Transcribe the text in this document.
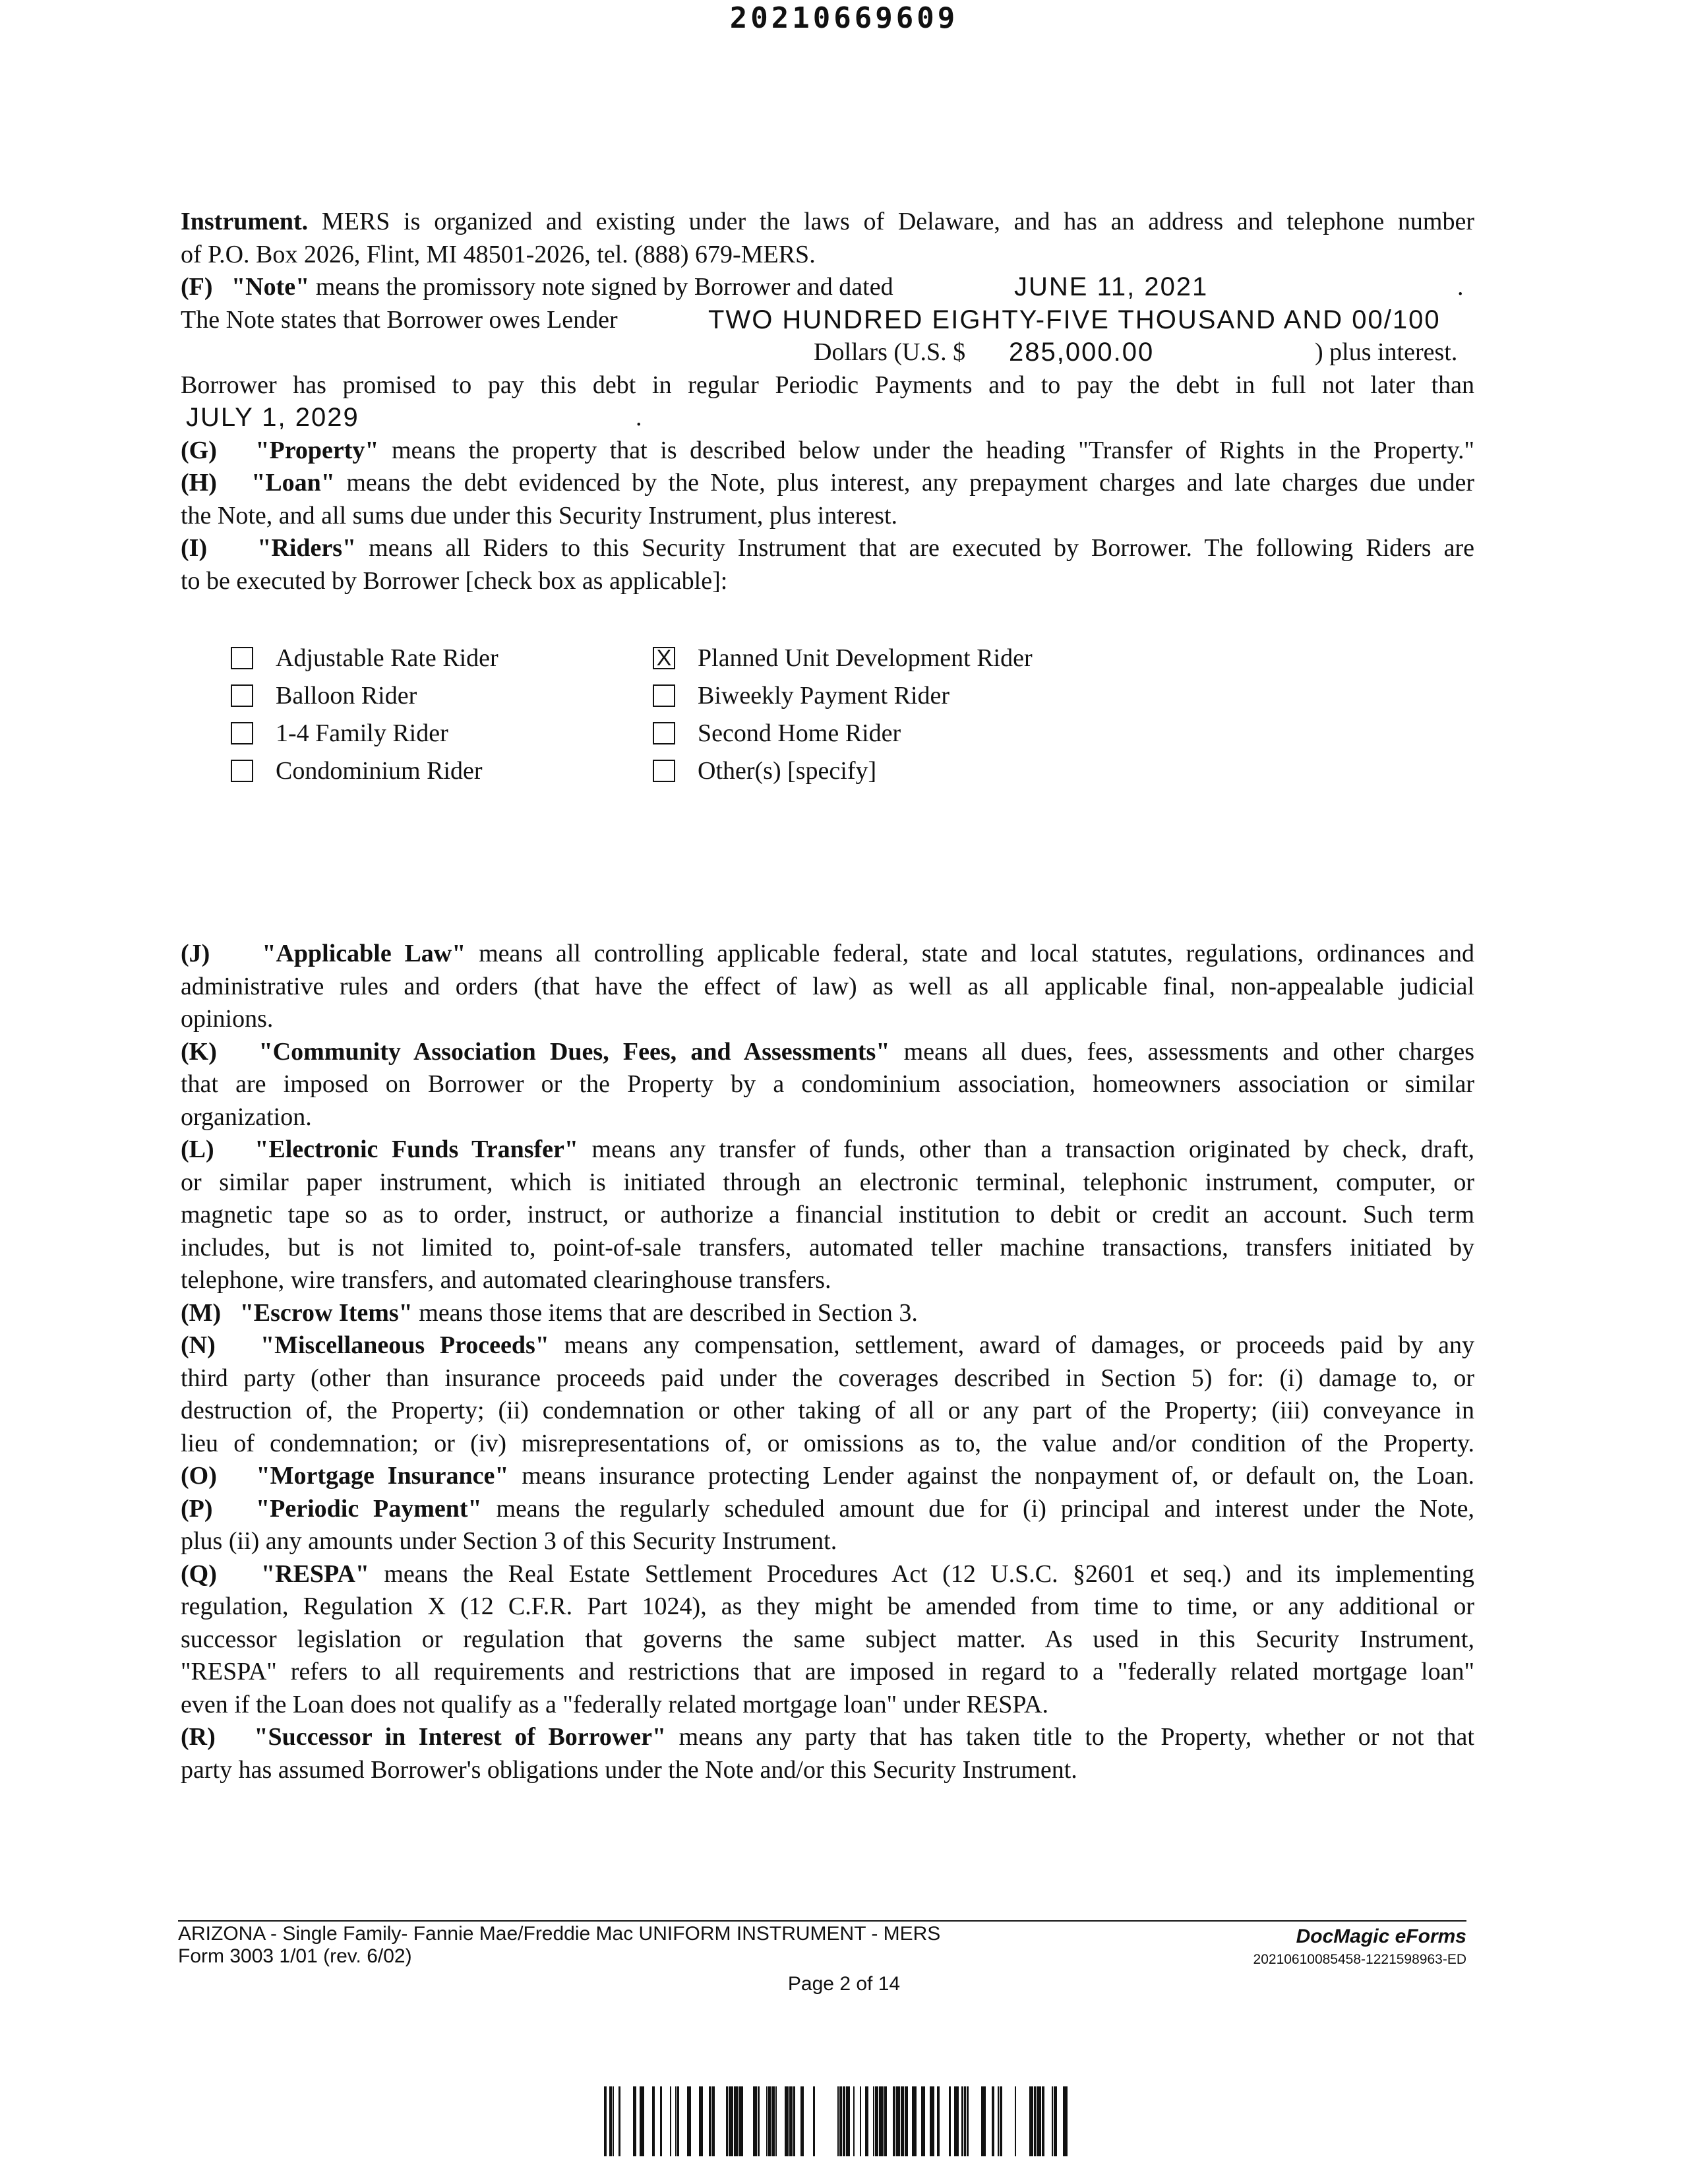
20210669609
Instrument. MERS is organized and existing under the laws of Delaware, and has an address and telephone number
of P.O. Box 2026, Flint, MI 48501-2026, tel. (888) 679-MERS.
(F) "Note" means the promissory note signed by Borrower and dated	JUNE 11, 2021	.
The Note states that Borrower owes Lender	TWO HUNDRED EIGHTY-FIVE THOUSAND AND 00/100
Dollars (U.S. $ 285,000.00	) plus interest.
Borrower has promised to pay this debt in regular Periodic Payments and to pay the debt in full not later than
JULY 1, 2029	.
(G) "Property" means the property that is described below under the heading "Transfer of Rights in the Property."
(H) "Loan" means the debt evidenced by the Note, plus interest, any prepayment charges and late charges due under
the Note, and all sums due under this Security Instrument, plus interest.
(I) "Riders" means all Riders to this Security Instrument that are executed by Borrower. The following Riders are
to be executed by Borrower [check box as applicable]:
Adjustable Rate Rider
Balloon Rider
1-4 Family Rider
Condominium Rider
X Planned Unit Development Rider
Biweekly Payment Rider
Second Home Rider
Other(s) [specify]
(J) "Applicable Law" means all controlling applicable federal, state and local statutes, regulations, ordinances and
administrative rules and orders (that have the effect of law) as well as all applicable final, non-appealable judicial
opinions.
(K) "Community Association Dues, Fees, and Assessments" means all dues, fees, assessments and other charges
that are imposed on Borrower or the Property by a condominium association, homeowners association or similar
organization.
(L) "Electronic Funds Transfer" means any transfer of funds, other than a transaction originated by check, draft,
or similar paper instrument, which is initiated through an electronic terminal, telephonic instrument, computer, or
magnetic tape so as to order, instruct, or authorize a financial institution to debit or credit an account. Such term
includes, but is not limited to, point-of-sale transfers, automated teller machine transactions, transfers initiated by
telephone, wire transfers, and automated clearinghouse transfers.
(M) "Escrow Items" means those items that are described in Section 3.
(N) "Miscellaneous Proceeds" means any compensation, settlement, award of damages, or proceeds paid by any
third party (other than insurance proceeds paid under the coverages described in Section 5) for: (i) damage to, or
destruction of, the Property; (ii) condemnation or other taking of all or any part of the Property; (iii) conveyance in
lieu of condemnation; or (iv) misrepresentations of, or omissions as to, the value and/or condition of the Property.
(O) "Mortgage Insurance" means insurance protecting Lender against the nonpayment of, or default on, the Loan.
(P) "Periodic Payment" means the regularly scheduled amount due for (i) principal and interest under the Note,
plus (ii) any amounts under Section 3 of this Security Instrument.
(Q) "RESPA" means the Real Estate Settlement Procedures Act (12 U.S.C. §2601 et seq.) and its implementing
regulation, Regulation X (12 C.F.R. Part 1024), as they might be amended from time to time, or any additional or
successor legislation or regulation that governs the same subject matter. As used in this Security Instrument,
"RESPA" refers to all requirements and restrictions that are imposed in regard to a "federally related mortgage loan"
even if the Loan does not qualify as a "federally related mortgage loan" under RESPA.
(R) "Successor in Interest of Borrower" means any party that has taken title to the Property, whether or not that
party has assumed Borrower's obligations under the Note and/or this Security Instrument.
ARIZONA - Single Family- Fannie Mae/Freddie Mac UNIFORM INSTRUMENT - MERS
Form 3003 1/01 (rev. 6/02)
DocMagic eForms
20210610085458-1221598963-ED
Page 2 of 14
